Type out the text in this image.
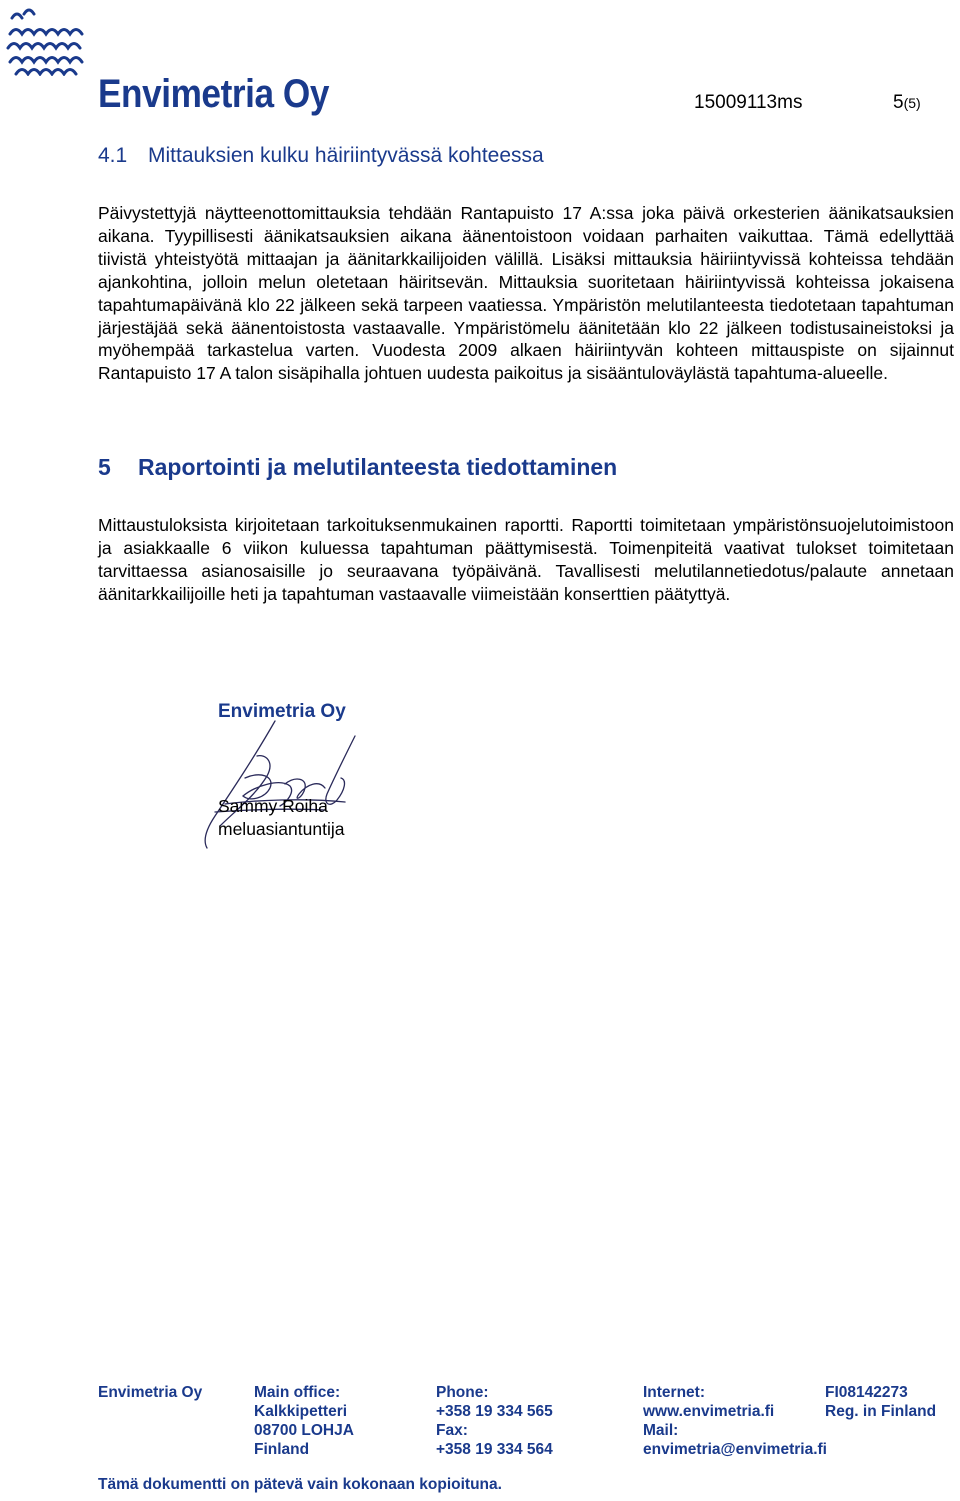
Envimetria Oy	15009113ms	5(5)
4.1 Mittauksien kulku häiriintyvässä kohteessa

Päivystettyjä näytteenottomittauksia tehdään Rantapuisto 17 A:ssa joka päivä orkesterien äänikatsauksien aikana. Tyypillisesti äänikatsauksien aikana äänentoistoon voidaan parhaiten vaikuttaa. Tämä edellyttää tiivistä yhteistyötä mittaajan ja äänitarkkailijoiden välillä. Lisäksi mittauksia häiriintyvissä kohteissa tehdään ajankohtina, jolloin melun oletetaan häiritsevän. Mittauksia suoritetaan häiriintyvissä kohteissa jokaisena tapahtumapäivänä klo 22 jälkeen sekä tarpeen vaatiessa. Ympäristön melutilanteesta tiedotetaan tapahtuman järjestäjää sekä äänentoistosta vastaavalle. Ympäristömelu äänitetään klo 22 jälkeen todistusaineistoksi ja myöhempää tarkastelua varten. Vuodesta 2009 alkaen häiriintyvän kohteen mittauspiste on sijainnut Rantapuisto 17 A talon sisäpihalla johtuen uudesta paikoitus ja sisääntuloväylästä tapahtuma-alueelle.

5 Raportointi ja melutilanteesta tiedottaminen

Mittaustuloksista kirjoitetaan tarkoituksenmukainen raportti. Raportti toimitetaan ympäristönsuojelutoimistoon ja asiakkaalle 6 viikon kuluessa tapahtuman päättymisestä. Toimenpiteitä vaativat tulokset toimitetaan tarvittaessa asianosaisille jo seuraavana työpäivänä. Tavallisesti melutilannetiedotus/palaute annetaan äänitarkkailijoille heti ja tapahtuman vastaavalle viimeistään konserttien päätyttyä.

Envimetria Oy
Sammy Roiha
meluasiantuntija
Envimetria Oy	Main office:
Kalkkipetteri
08700 LOHJA
Finland
Phone:
+358 19 334 565
Fax:
+358 19 334 564
Internet:
www.envimetria.fi
Mail:
envimetria@envimetria.fi
FI08142273
Reg. in Finland
Tämä dokumentti on pätevä vain kokonaan kopioituna.
